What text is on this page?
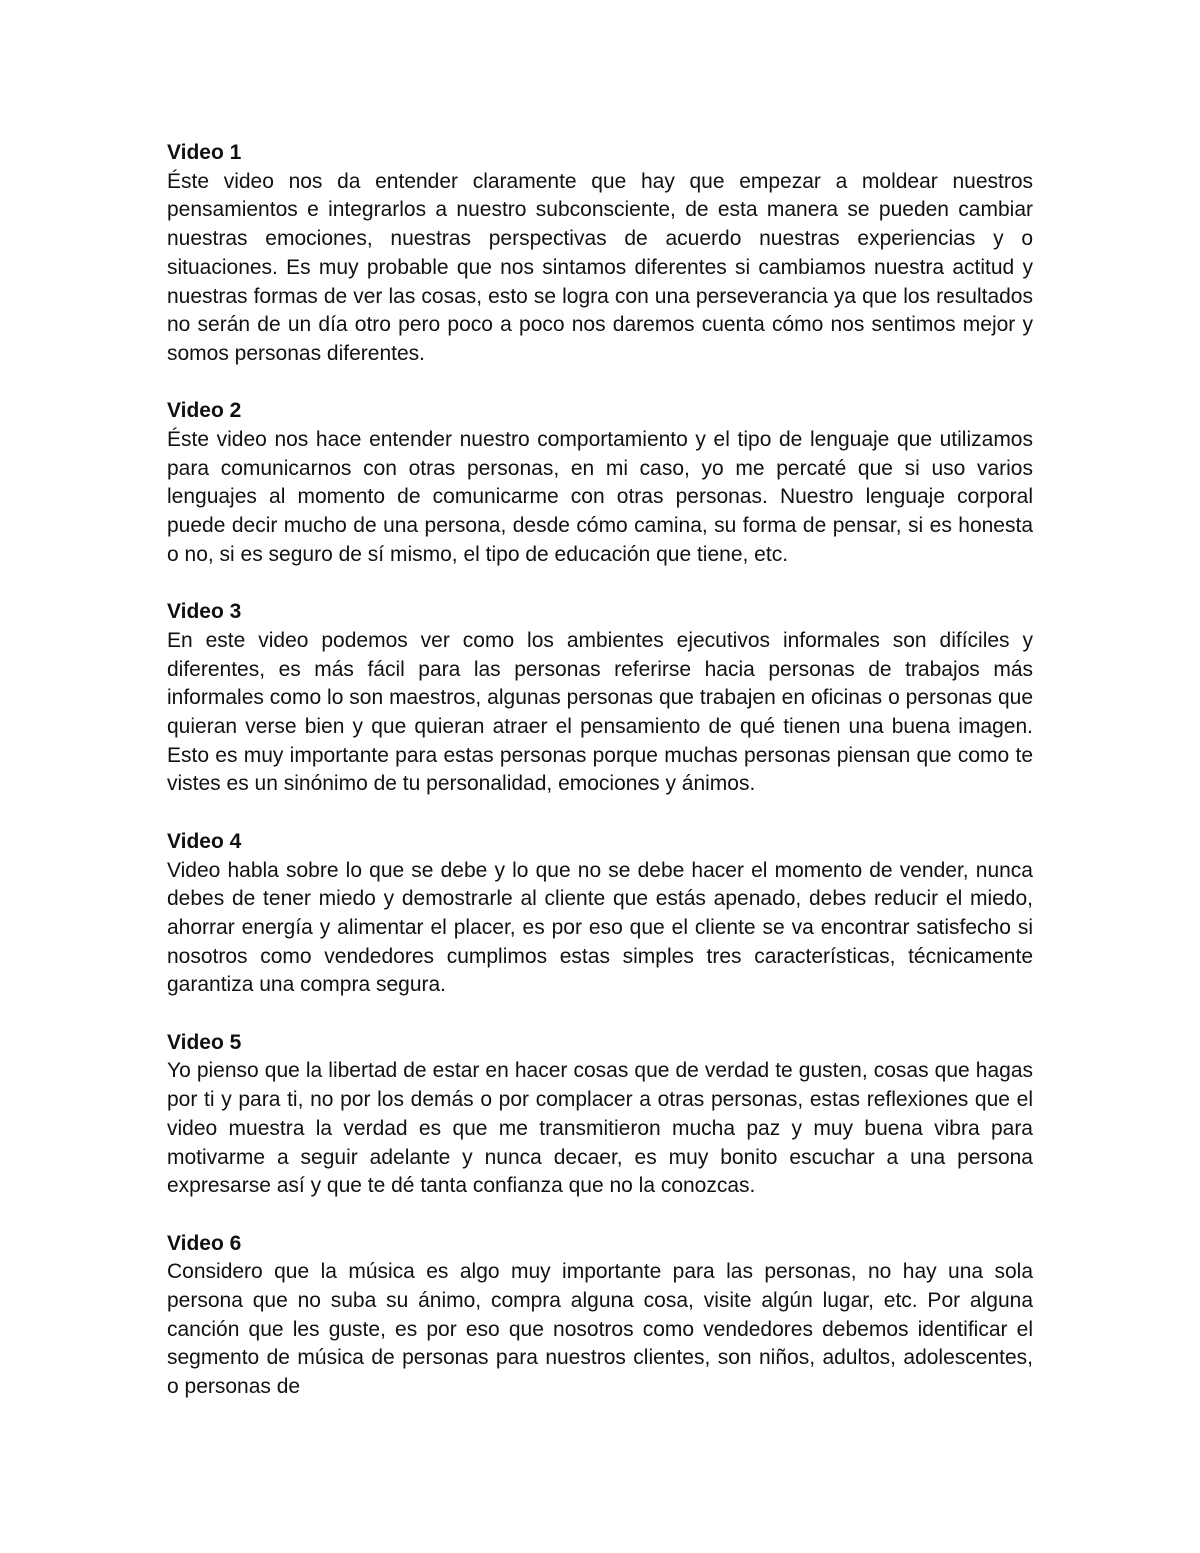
Video 1

Éste video nos da entender claramente que hay que empezar a moldear nuestros pensamientos e integrarlos a nuestro subconsciente, de esta manera se pueden cambiar nuestras emociones, nuestras perspectivas de acuerdo nuestras experiencias y o situaciones. Es muy probable que nos sintamos diferentes si cambiamos nuestra actitud y nuestras formas de ver las cosas, esto se logra con una perseverancia ya que los resultados no serán de un día otro pero poco a poco nos daremos cuenta cómo nos sentimos mejor y somos personas diferentes.

Video 2

Éste video nos hace entender nuestro comportamiento y el tipo de lenguaje que utilizamos para comunicarnos con otras personas, en mi caso, yo me percaté que si uso varios lenguajes al momento de comunicarme con otras personas. Nuestro lenguaje corporal puede decir mucho de una persona, desde cómo camina, su forma de pensar, si es honesta o no, si es seguro de sí mismo, el tipo de educación que tiene, etc.

Video 3

En este video podemos ver como los ambientes ejecutivos informales son difíciles y diferentes, es más fácil para las personas referirse hacia personas de trabajos más informales como lo son maestros, algunas personas que trabajen en oficinas o personas que quieran verse bien y que quieran atraer el pensamiento de qué tienen una buena imagen. Esto es muy importante para estas personas porque muchas personas piensan que como te vistes es un sinónimo de tu personalidad, emociones y ánimos.

Video 4

Video habla sobre lo que se debe y lo que no se debe hacer el momento de vender, nunca debes de tener miedo y demostrarle al cliente que estás apenado, debes reducir el miedo, ahorrar energía y alimentar el placer, es por eso que el cliente se va encontrar satisfecho si nosotros como vendedores cumplimos estas simples tres características, técnicamente garantiza una compra segura.

Video 5

Yo pienso que la libertad de estar en hacer cosas que de verdad te gusten, cosas que hagas por ti y para ti, no por los demás o por complacer a otras personas, estas reflexiones que el video muestra la verdad es que me transmitieron mucha paz y muy buena vibra para motivarme a seguir adelante y nunca decaer, es muy bonito escuchar a una persona expresarse así y que te dé tanta confianza que no la conozcas.

Video 6

Considero que la música es algo muy importante para las personas, no hay una sola persona que no suba su ánimo, compra alguna cosa, visite algún lugar, etc. Por alguna canción que les guste, es por eso que nosotros como vendedores debemos identificar el segmento de música de personas para nuestros clientes, son niños, adultos, adolescentes, o personas de
